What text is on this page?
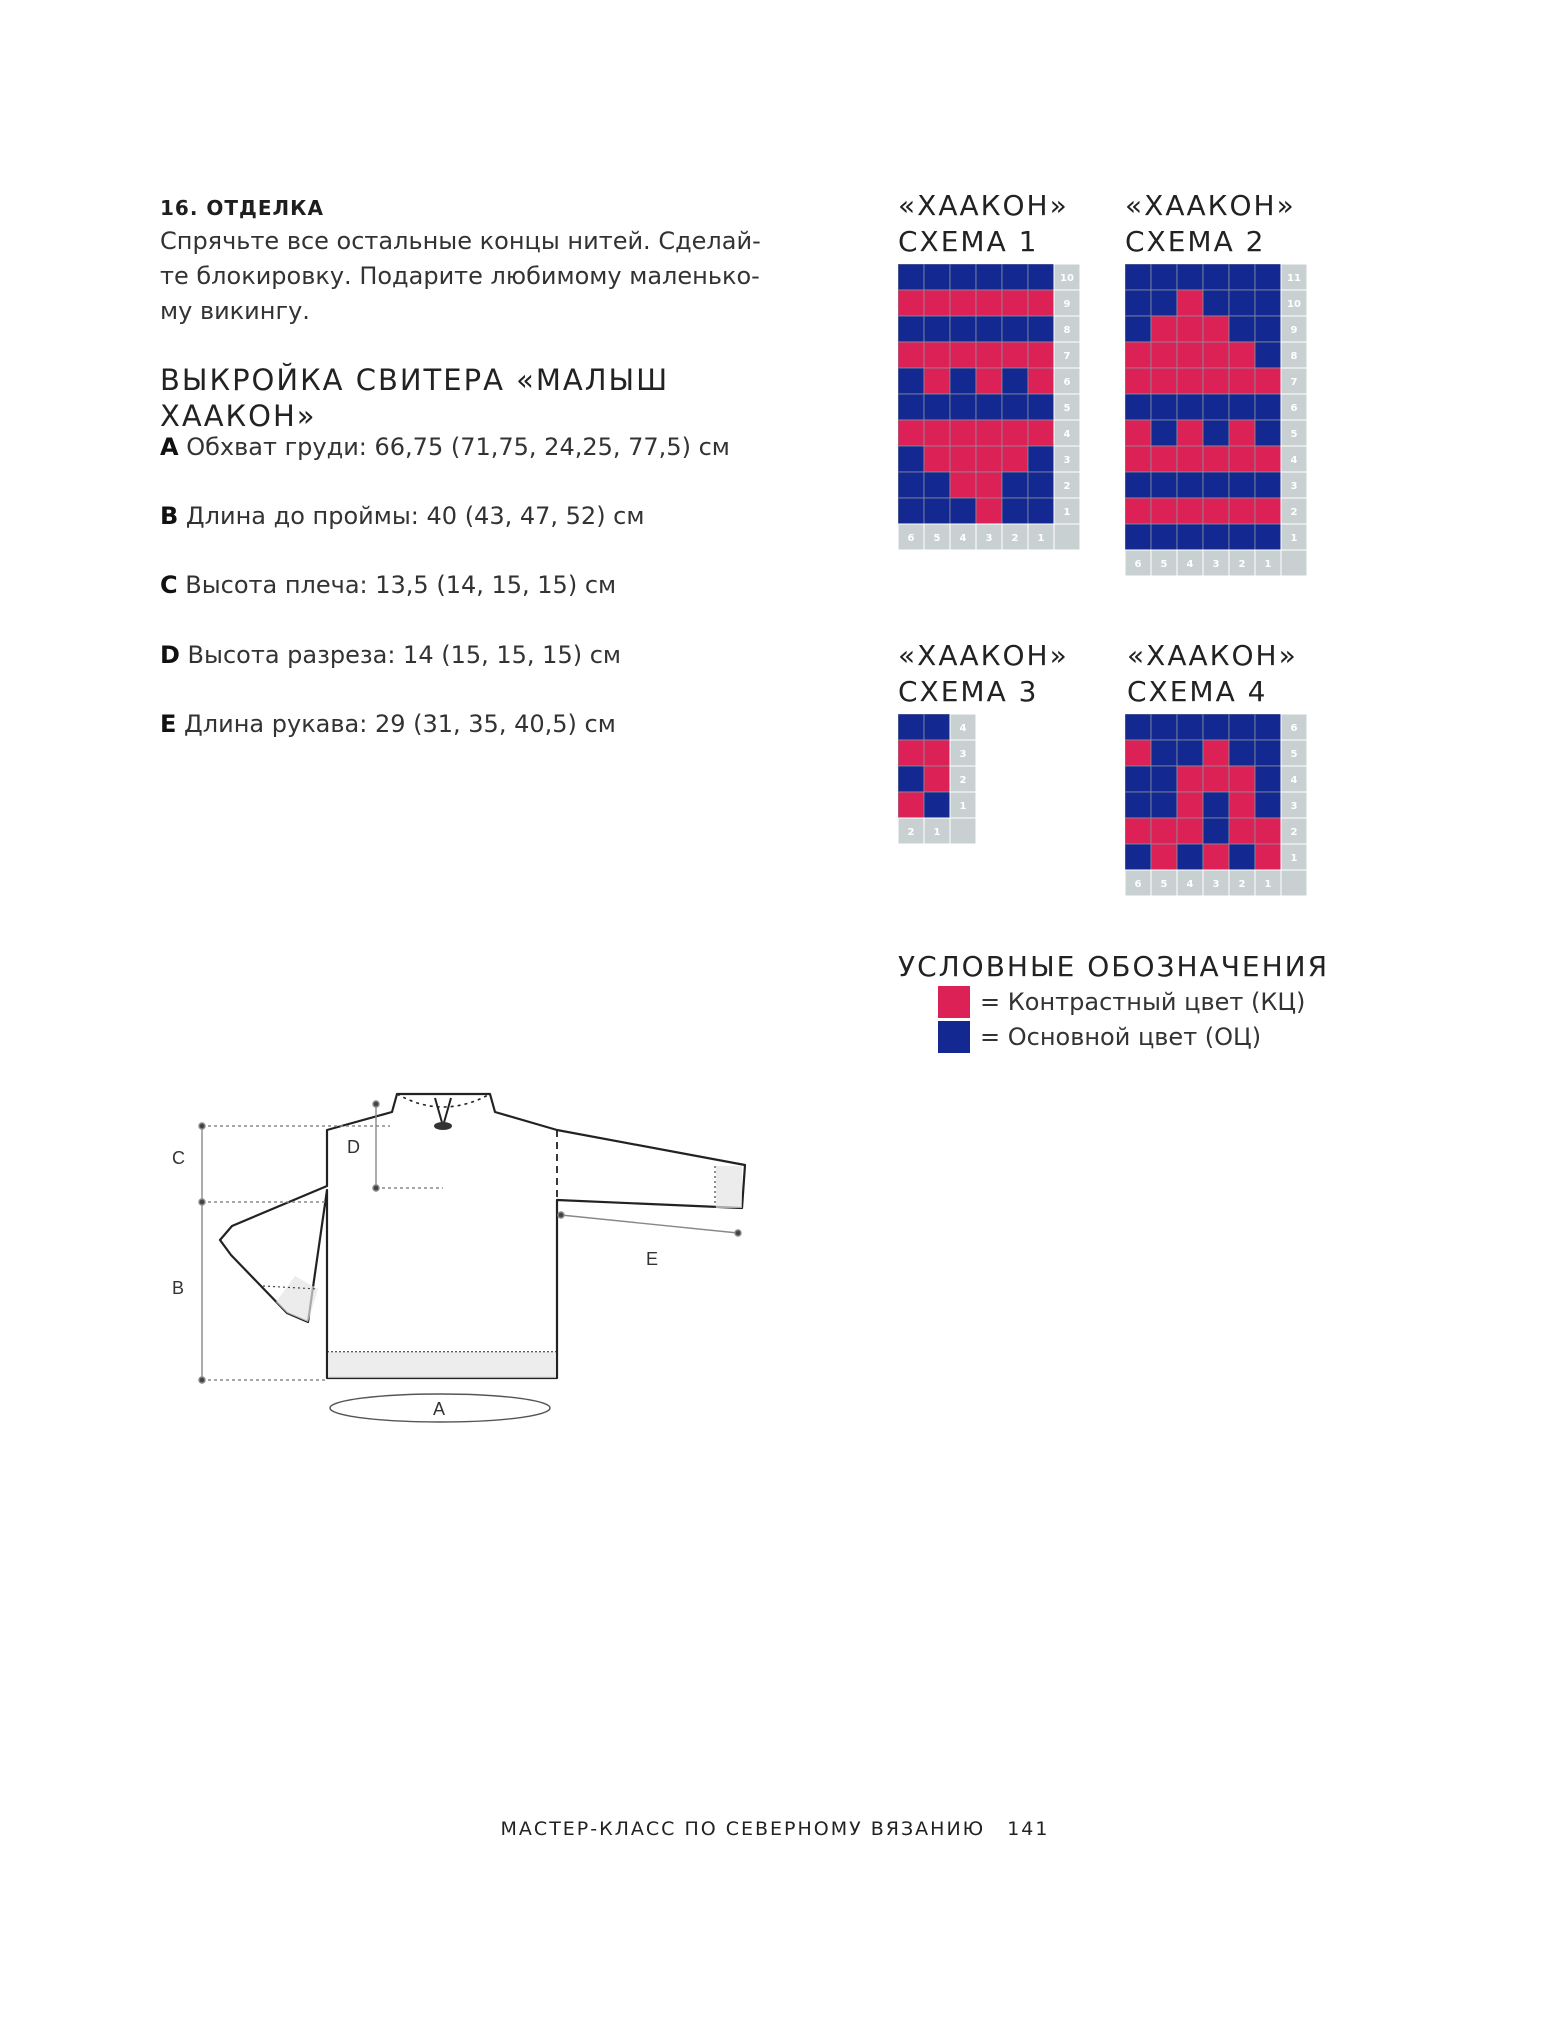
16. ОТДЕЛКА
Спрячьте все остальные концы нитей. Сделай-
те блокировку. Подарите любимому маленько-
му викингу.
ВЫКРОЙКА СВИТЕРА «МАЛЫШ
ХААКОН»
A Обхват груди: 66,75 (71,75, 24,25, 77,5) см
B Длина до проймы: 40 (43, 47, 52) см
C Высота плеча: 13,5 (14, 15, 15) см
D Высота разреза: 14 (15, 15, 15) см
E Длина рукава: 29 (31, 35, 40,5) см
«ХААКОН»
СХЕМА 1
«ХААКОН»
СХЕМА 2
«ХААКОН»
СХЕМА 3
«ХААКОН»
СХЕМА 4
10
9
8
7
6
5
4
3
2
1
6 5 4 3 2 1
11
10
9
8
7
6
5
4
3
2
1
6 5 4 3 2 1
4
3
2
1
2 1
6
5
4
3
2
1
6 5 4 3 2 1
УСЛОВНЫЕ ОБОЗНАЧЕНИЯ
= Контрастный цвет (КЦ)
= Основной цвет (ОЦ)
C
B
D
E
A
МАСТЕР-КЛАСС ПО СЕВЕРНОМУ ВЯЗАНИЮ 141
